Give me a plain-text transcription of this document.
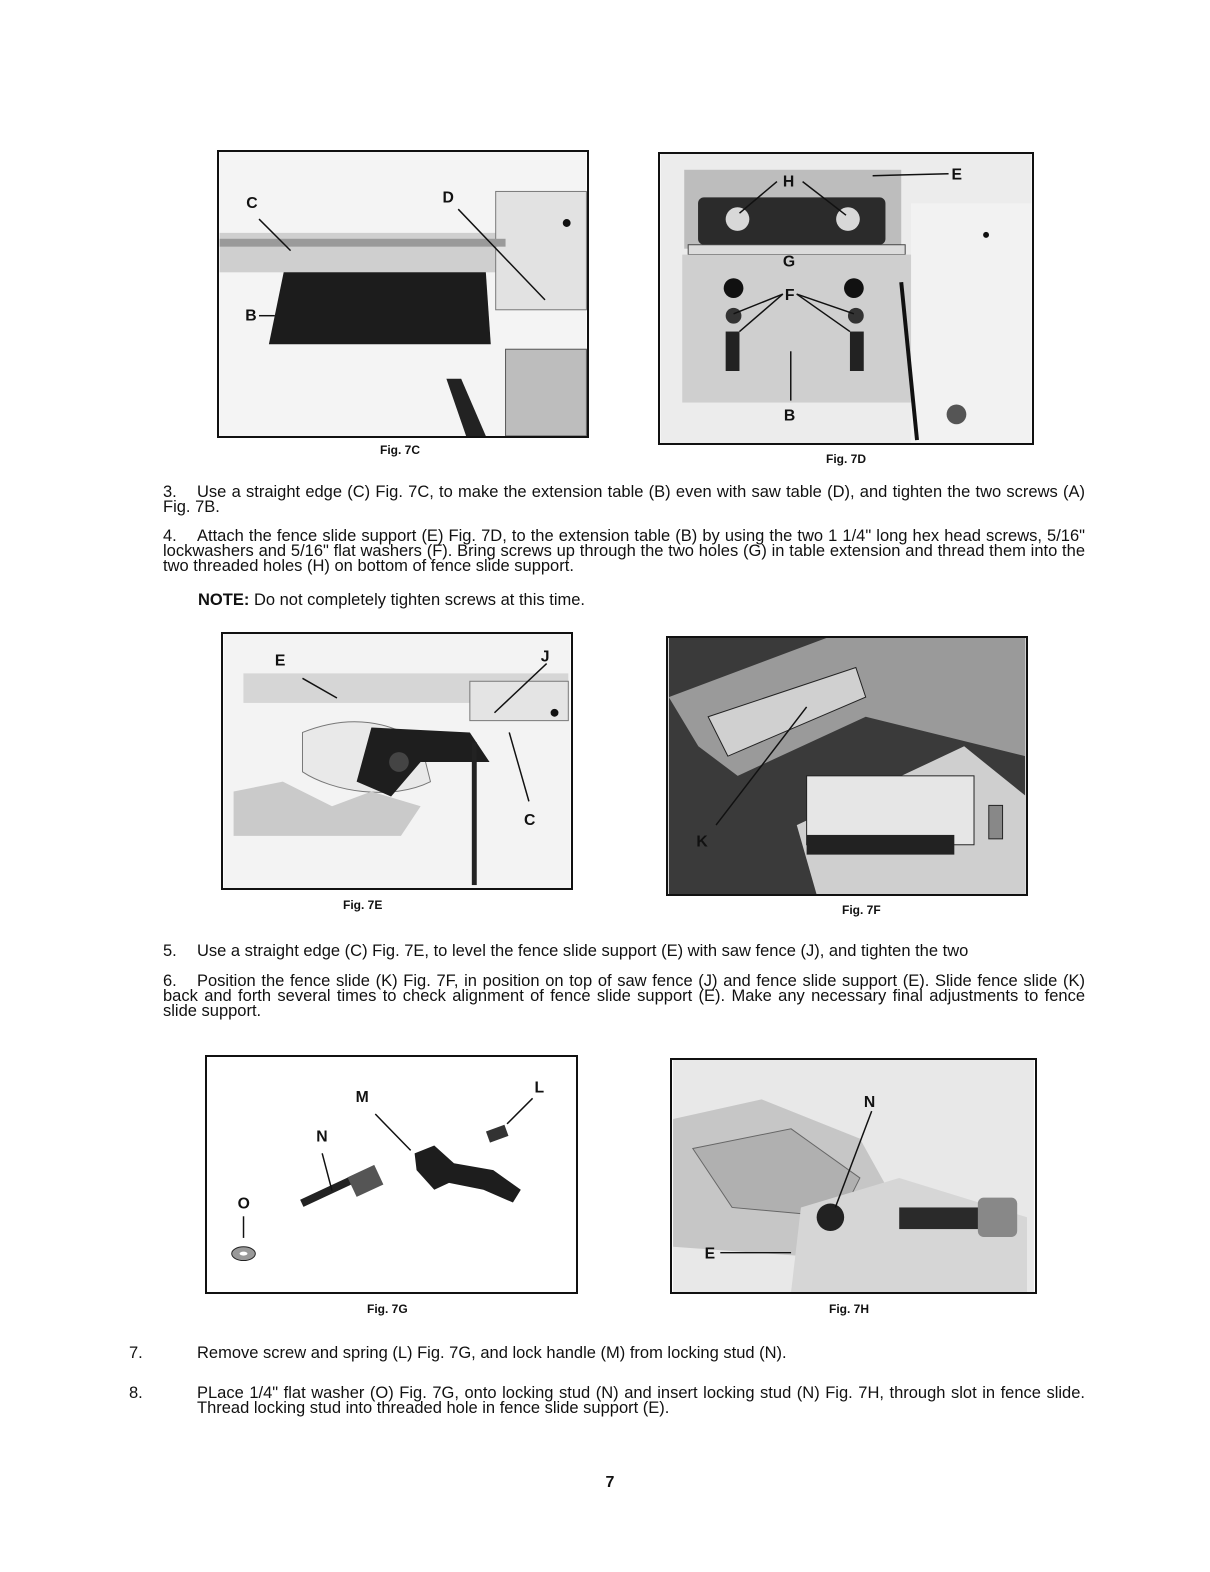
C	D
B
Fig. 7C
H	E
G
F
B
Fig. 7D
3. Use a straight edge (C) Fig. 7C, to make the extension table (B) even with saw table (D), and tighten the two screws (A) Fig. 7B.
4. Attach the fence slide support (E) Fig. 7D, to the extension table (B) by using the two 1 1/4" long hex head screws, 5/16" lockwashers and 5/16" flat washers (F). Bring screws up through the two holes (G) in table extension and thread them into the two threaded holes (H) on bottom of fence slide support.
NOTE: Do not completely tighten screws at this time.
E	J
C
Fig. 7E
K
Fig. 7F
5. Use a straight edge (C) Fig. 7E, to level the fence slide support (E) with saw fence (J), and tighten the two
6. Position the fence slide (K) Fig. 7F, in position on top of saw fence (J) and fence slide support (E). Slide fence slide (K) back and forth several times to check alignment of fence slide support (E). Make any necessary final adjustments to fence slide support.
M
L
N
O
Fig. 7G
N
E
Fig. 7H
7.	Remove screw and spring (L) Fig. 7G, and lock handle (M) from locking stud (N).
8.	PLace 1/4" flat washer (O) Fig. 7G, onto locking stud (N) and insert locking stud (N) Fig. 7H, through slot in fence slide. Thread locking stud into threaded hole in fence slide support (E).
7
